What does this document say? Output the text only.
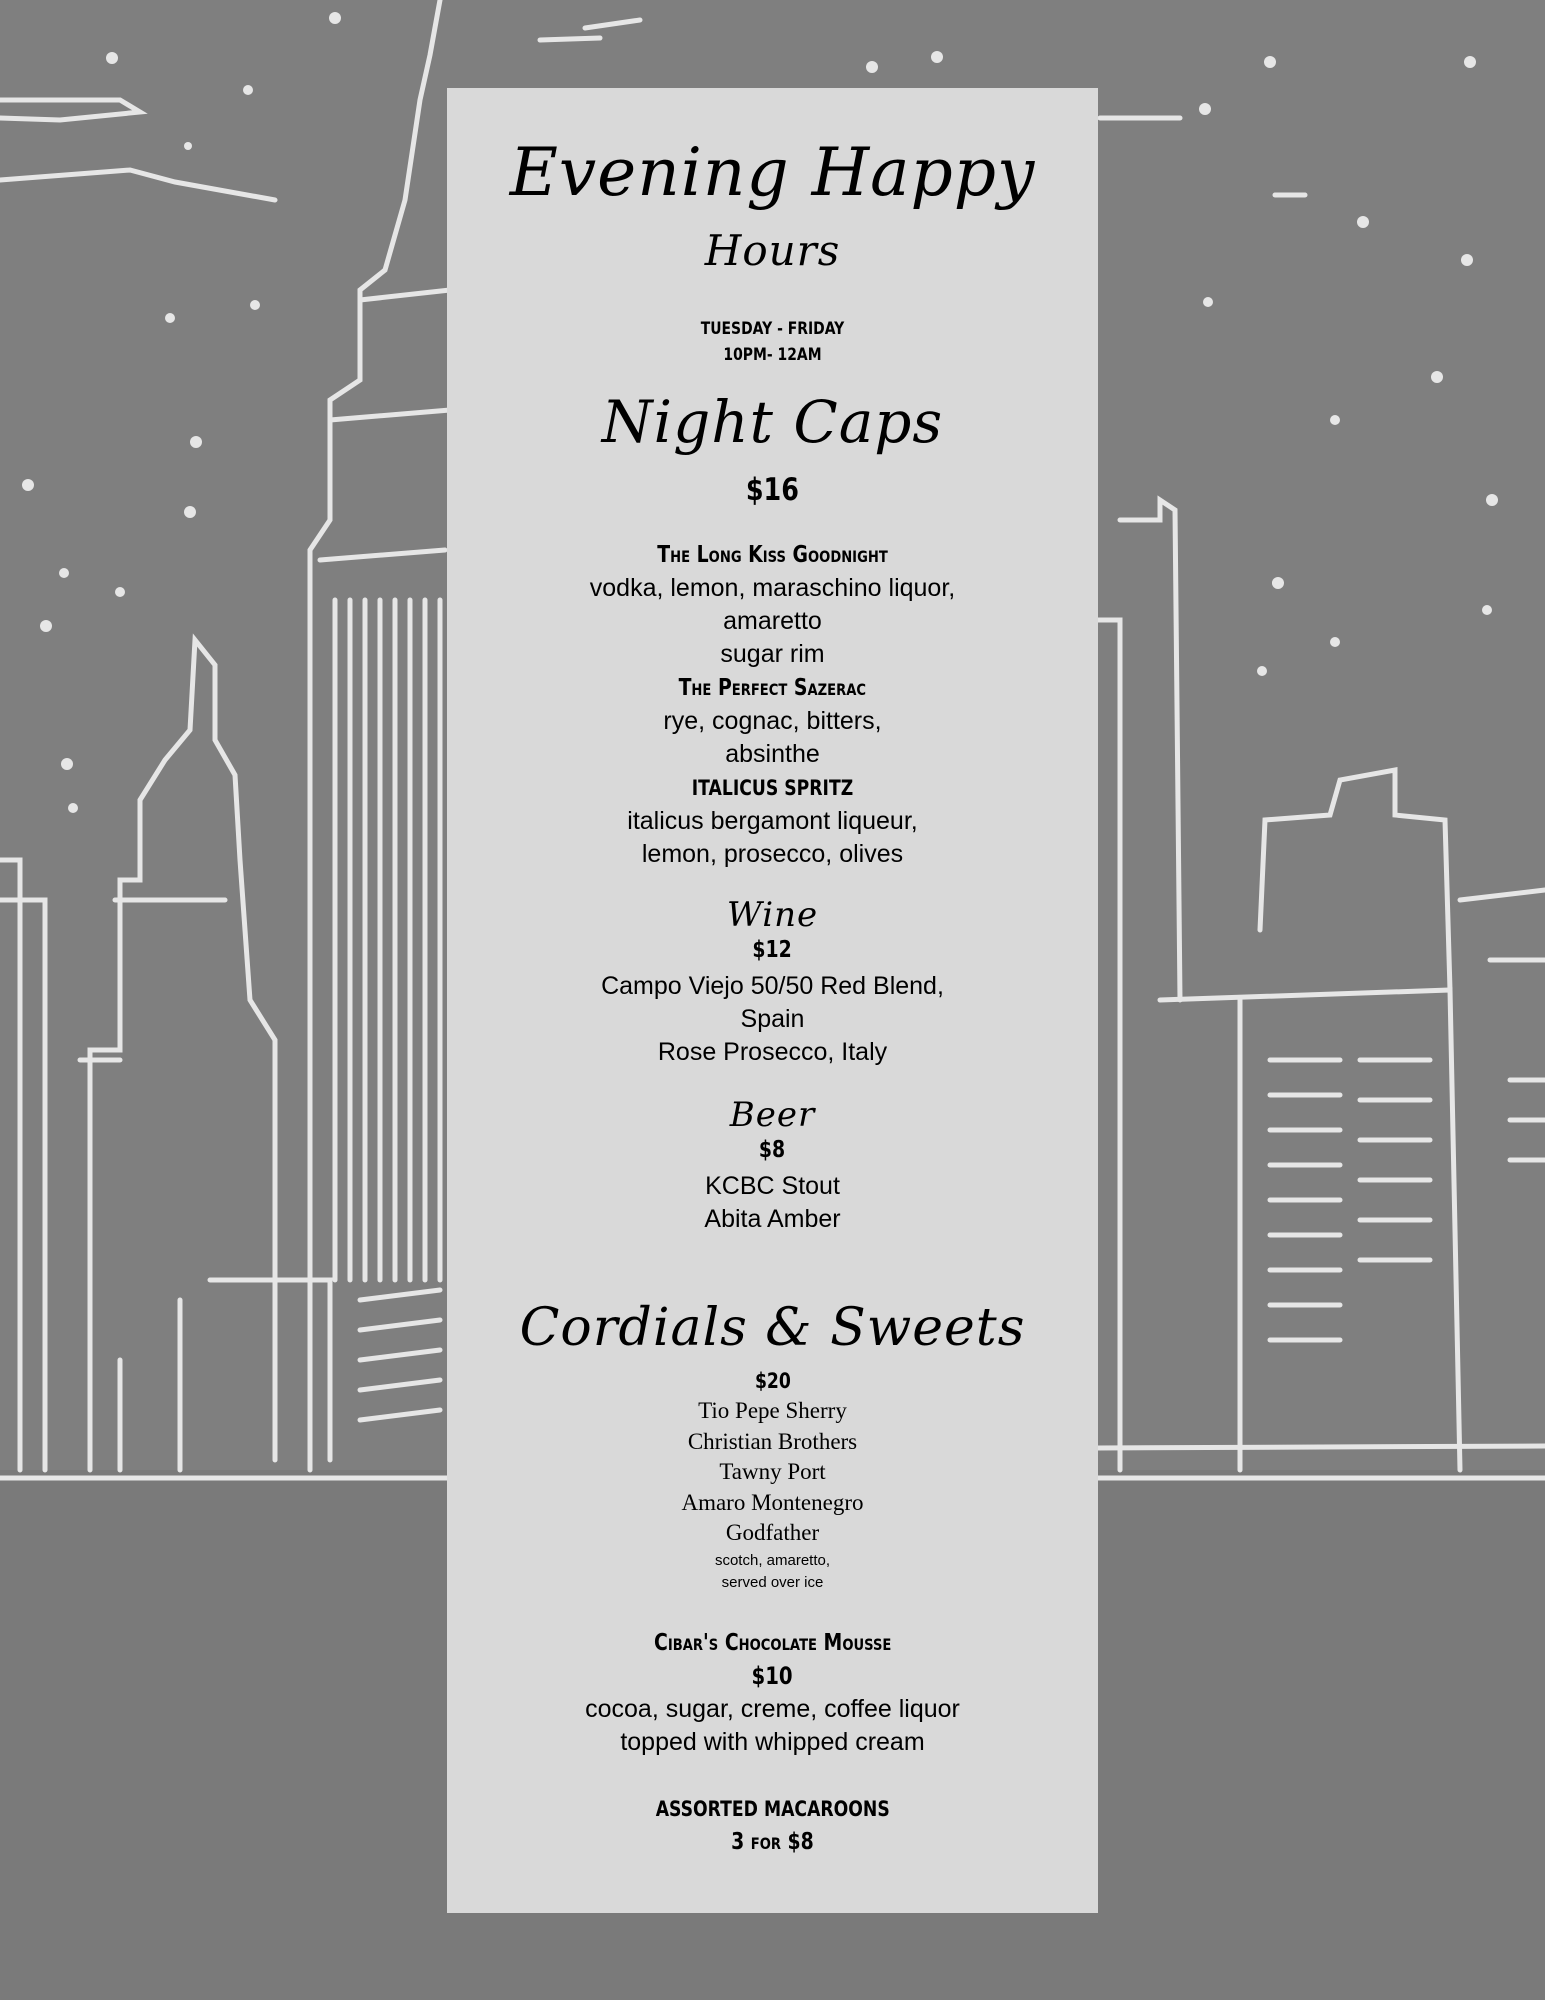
Evening Happy
Hours
TUESDAY - FRIDAY
10PM- 12AM
Night Caps
$16
The Long Kiss Goodnight
vodka, lemon, maraschino liquor,
amaretto
sugar rim
The Perfect Sazerac
rye, cognac, bitters,
absinthe
ITALICUS SPRITZ
italicus bergamont liqueur,
lemon, prosecco, olives
Wine
$12
Campo Viejo 50/50 Red Blend,
Spain
Rose Prosecco, Italy
Beer
$8
KCBC Stout
Abita Amber
Cordials & Sweets
$20
Tio Pepe Sherry
Christian Brothers
Tawny Port
Amaro Montenegro
Godfather
scotch, amaretto,
served over ice
Cibar's Chocolate Mousse
$10
cocoa, sugar, creme, coffee liquor
topped with whipped cream
ASSORTED MACAROONS
3 for $8
